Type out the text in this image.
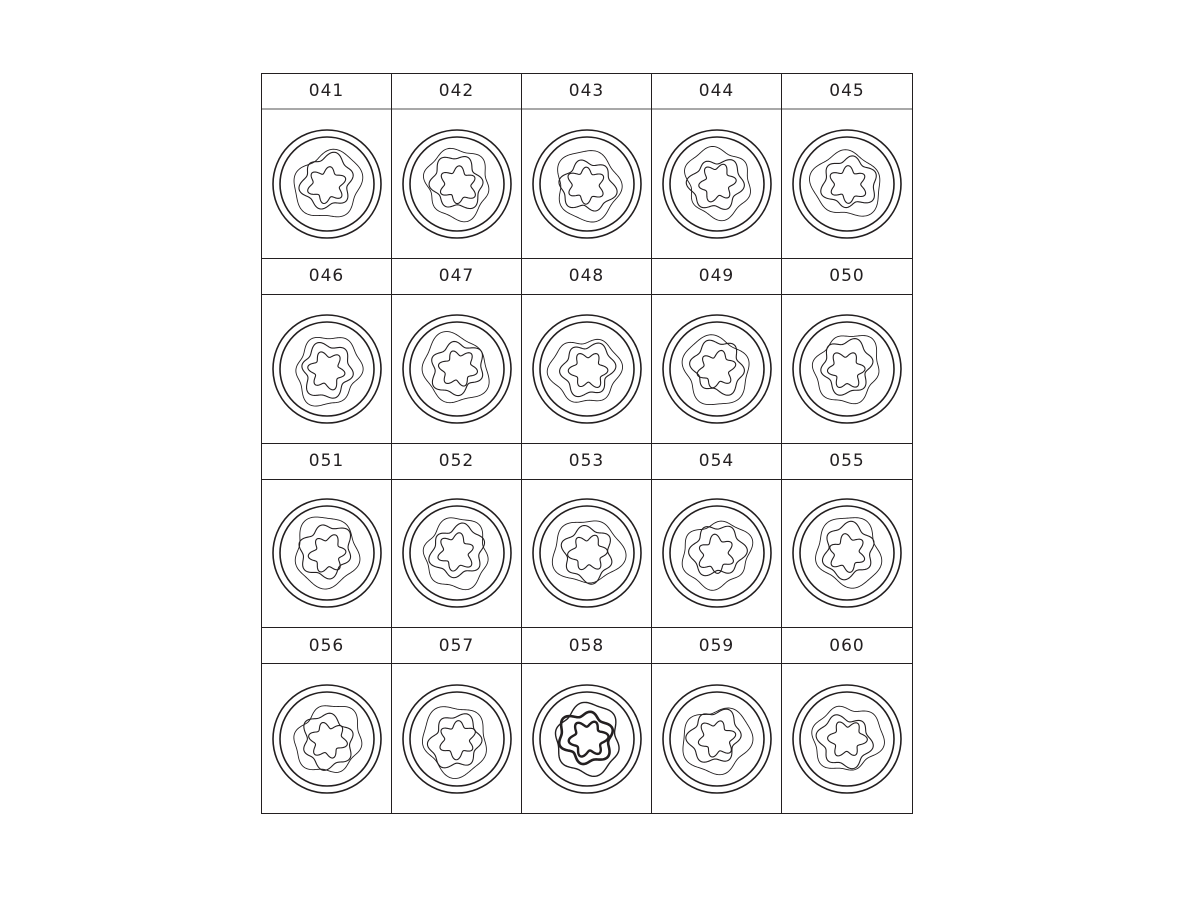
041	042	043	044	045
046	047	048	049	050
051	052	053	054	055
056	057	058	059	060
